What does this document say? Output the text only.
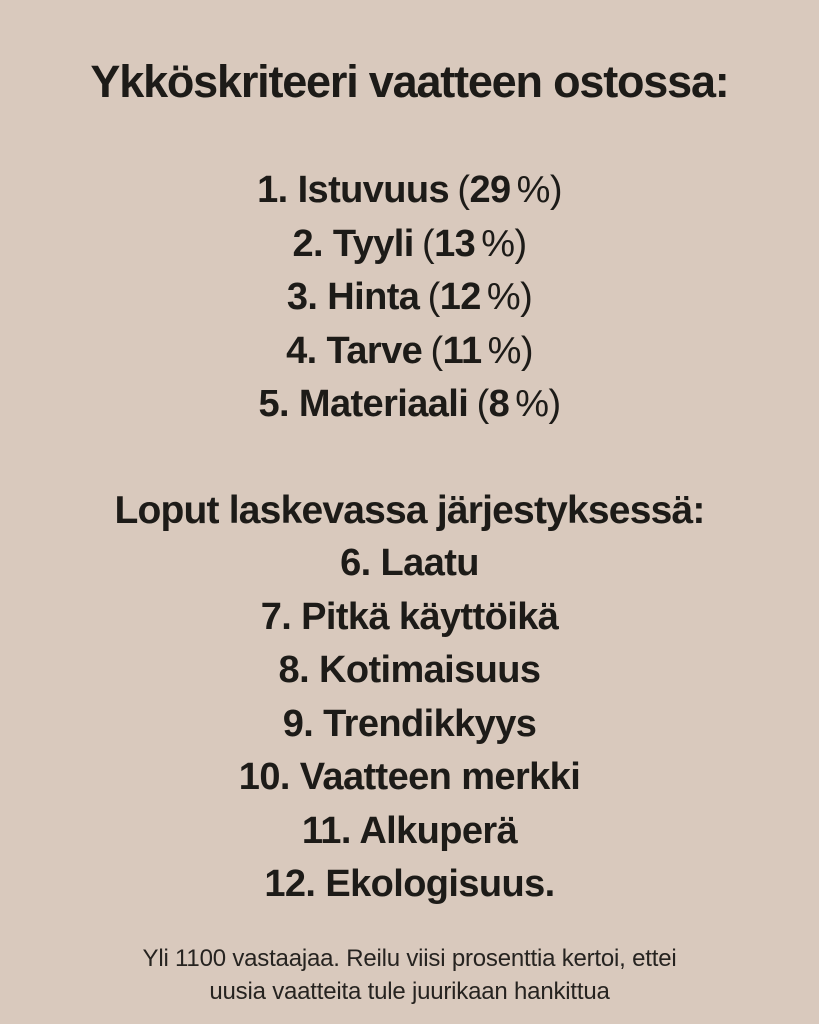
Ykköskriteeri vaatteen ostossa:
1. Istuvuus (29 %)
2. Tyyli (13 %)
3. Hinta (12 %)
4. Tarve (11 %)
5. Materiaali (8 %)
Loput laskevassa järjestyksessä:
6. Laatu
7. Pitkä käyttöikä
8. Kotimaisuus
9. Trendikkyys
10. Vaatteen merkki
11. Alkuperä
12. Ekologisuus.
Yli 1100 vastaajaa. Reilu viisi prosenttia kertoi, ettei
uusia vaatteita tule juurikaan hankittua
